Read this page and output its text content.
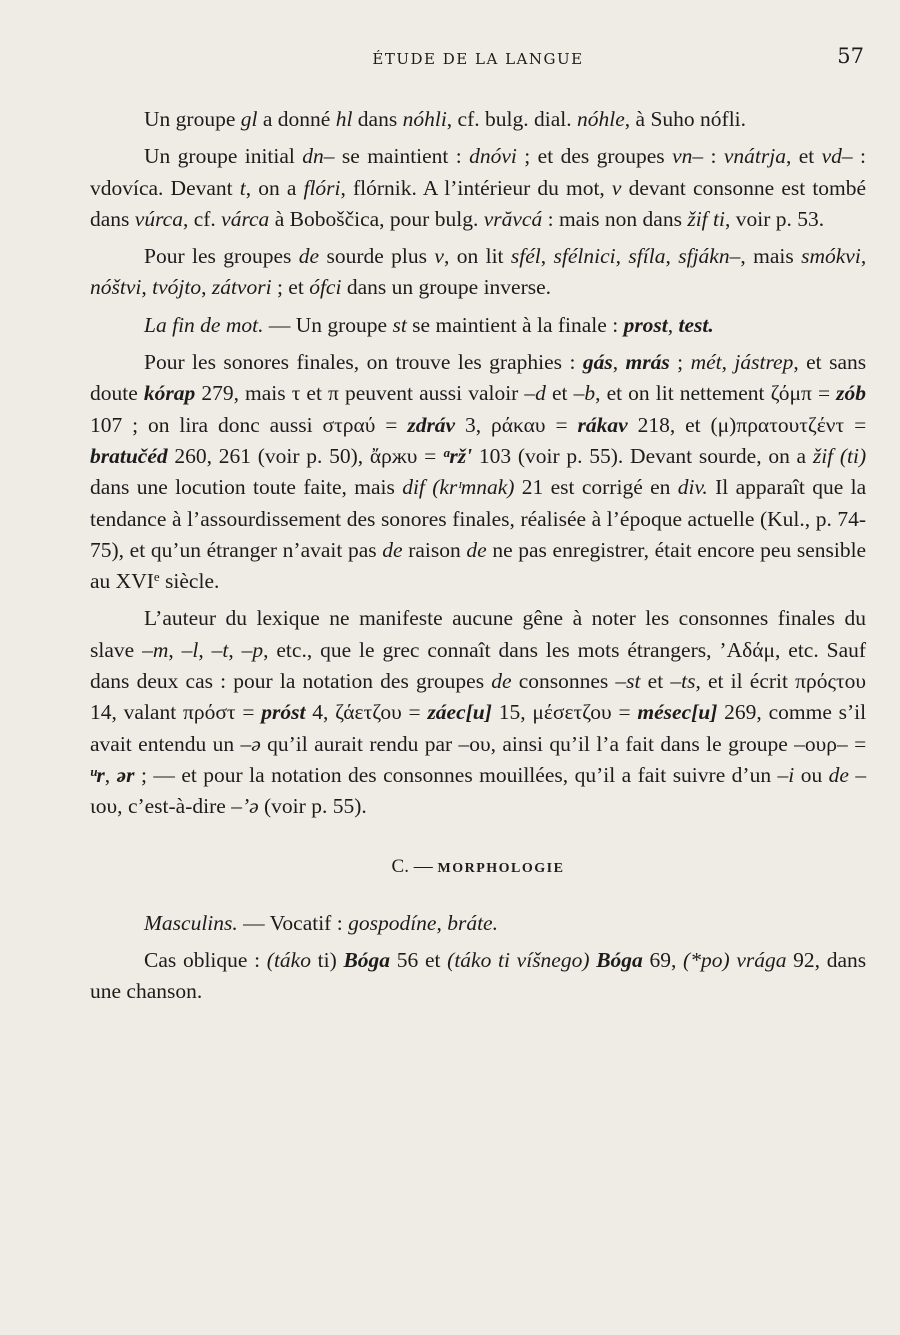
ÉTUDE DE LA LANGUE	57

Un groupe gl a donné hl dans nóhli, cf. bulg. dial. nóhle, à Suho nófli.

Un groupe initial dn– se maintient : dnóvi ; et des groupes vn– : vnátrja, et vd– : vdovíca. Devant t, on a flóri, flórnik. A l’intérieur du mot, v devant consonne est tombé dans vúrca, cf. várca à Boboščica, pour bulg. vrăvcá : mais non dans žif ti, voir p. 53.

Pour les groupes de sourde plus v, on lit sfél, sfélnici, sfíla, sfjákn–, mais smókvi, nóštvi, tvójto, zátvori ; et ófci dans un groupe inverse.

La fin de mot. — Un groupe st se maintient à la finale : prost, test.

Pour les sonores finales, on trouve les graphies : gás, mrás ; mét, jástrep, et sans doute kórap 279, mais τ et π peuvent aussi valoir –d et –b, et on lit nettement ζόμπ = zób 107 ; on lira donc aussi στραύ = zdráv 3, ράκαυ = rákav 218, et (μ)πρατουτζέντ = bratučéd 260, 261 (voir p. 50), ἄρжυ = ᵃrž' 103 (voir p. 55). Devant sourde, on a žif (ti) dans une locution toute faite, mais dif (krᶦmnak) 21 est corrigé en div. Il apparaît que la tendance à l’assourdissement des sonores finales, réalisée à l’époque actuelle (Kul., p. 74-75), et qu’un étranger n’avait pas de raison de ne pas enregistrer, était encore peu sensible au XVIe siècle.

L’auteur du lexique ne manifeste aucune gêne à noter les consonnes finales du slave –m, –l, –t, –p, etc., que le grec connaît dans les mots étrangers, ’Αδάμ, etc. Sauf dans deux cas : pour la notation des groupes de consonnes –st et –ts, et il écrit πρόςτου 14, valant πρόστ = próst 4, ζάετζου = záec[u] 15, μέσετζου = mésec[u] 269, comme s’il avait entendu un –ə qu’il aurait rendu par –ου, ainsi qu’il l’a fait dans le groupe –ουρ– = ᵘr, ər ; — et pour la notation des consonnes mouillées, qu’il a fait suivre d’un –i ou de –ιου, c’est-à-dire –’ə (voir p. 55).

C. — MORPHOLOGIE

Masculins. — Vocatif : gospodíne, bráte.

Cas oblique : (táko ti) Bóga 56 et (táko ti víšnego) Bóga 69, (*po) vrága 92, dans une chanson.
